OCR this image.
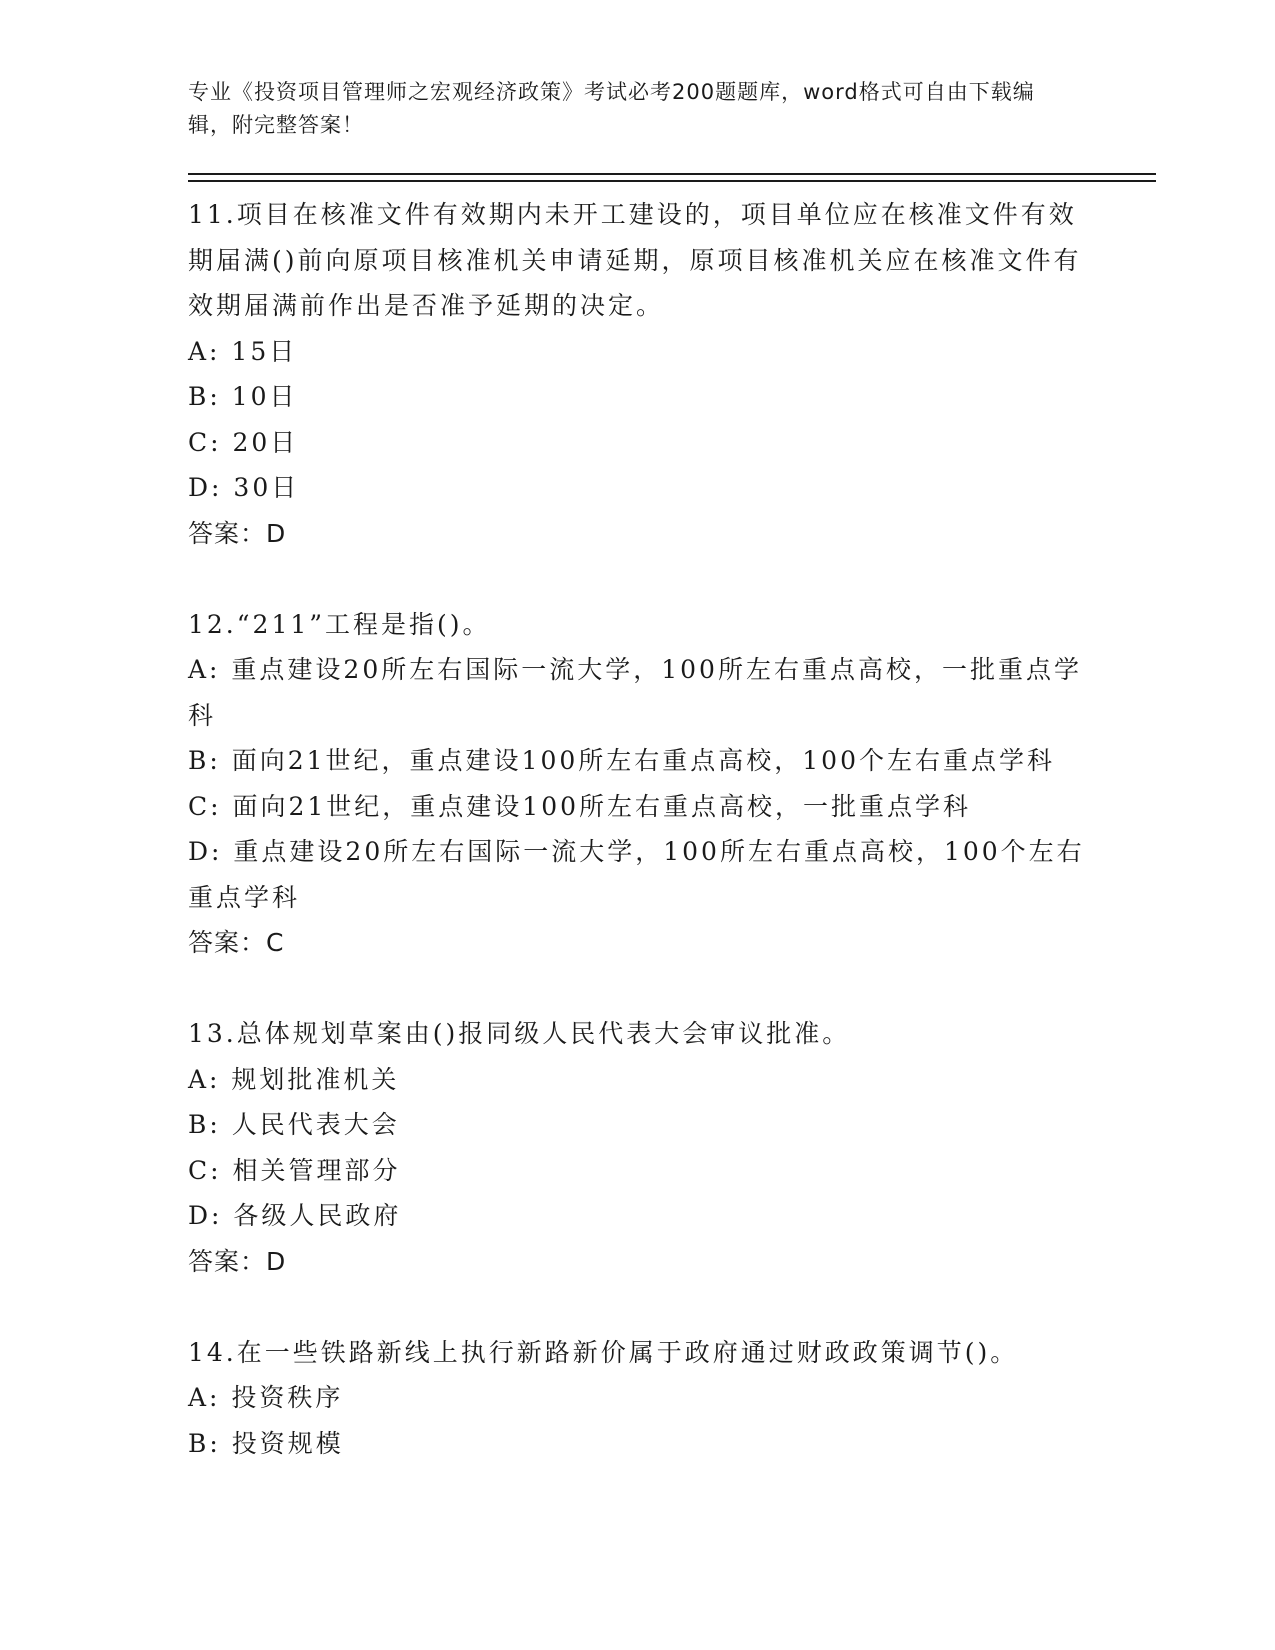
专业《投资项目管理师之宏观经济政策》考试必考200题题库，word格式可自由下载编辑，附完整答案！
11.项目在核准文件有效期内未开工建设的，项目单位应在核准文件有效期届满()前向原项目核准机关申请延期，原项目核准机关应在核准文件有效期届满前作出是否准予延期的决定。
A: 15日
B: 10日
C: 20日
D: 30日
答案：D
12.“211”工程是指()。
A: 重点建设20所左右国际一流大学，100所左右重点高校，一批重点学科
B: 面向21世纪，重点建设100所左右重点高校，100个左右重点学科
C: 面向21世纪，重点建设100所左右重点高校，一批重点学科
D: 重点建设20所左右国际一流大学，100所左右重点高校，100个左右重点学科
答案：C
13.总体规划草案由()报同级人民代表大会审议批准。
A: 规划批准机关
B: 人民代表大会
C: 相关管理部分
D: 各级人民政府
答案：D
14.在一些铁路新线上执行新路新价属于政府通过财政政策调节()。
A: 投资秩序
B: 投资规模
